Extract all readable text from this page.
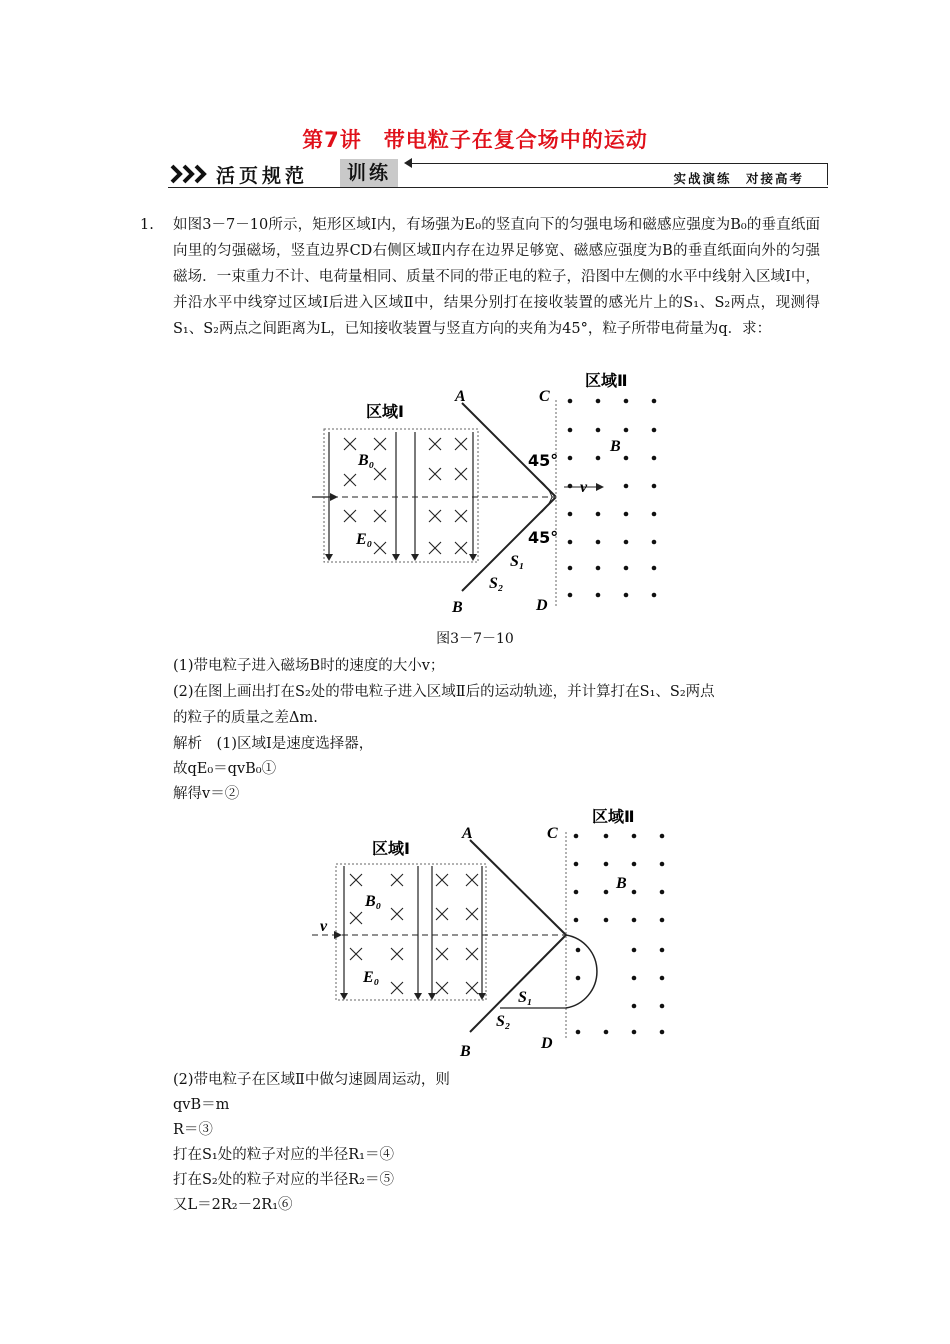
第7讲　带电粒子在复合场中的运动
活页规范	训练	实战演练　对接高考
1. 如图3－7－10所示，矩形区域Ⅰ内，有场强为E₀的竖直向下的匀强电场和磁感应强度为B₀的垂直纸面向里的匀强磁场，竖直边界CD右侧区域Ⅱ内存在边界足够宽、磁感应强度为B的垂直纸面向外的匀强磁场．一束重力不计、电荷量相同、质量不同的带正电的粒子，沿图中左侧的水平中线射入区域Ⅰ中，并沿水平中线穿过区域Ⅰ后进入区域Ⅱ中，结果分别打在接收装置的感光片上的S₁、S₂两点，现测得S₁、S₂两点之间距离为L，已知接收装置与竖直方向的夹角为45°，粒子所带电荷量为q．求：
区域Ⅰ
区域Ⅱ
A	C
B	D
45°
45°
B₀
E₀
B
v
S₁
S₂
图3－7－10
(1)带电粒子进入磁场B时的速度的大小v；
(2)在图上画出打在S₂处的带电粒子进入区域Ⅱ后的运动轨迹，并计算打在S₁、S₂两点
的粒子的质量之差Δm.
解析　(1)区域Ⅰ是速度选择器，
故qE₀＝qvB₀①
解得v＝②
区域Ⅰ
区域Ⅱ
A	C
B	D
B₀
E₀
B
v
S₁
S₂
(2)带电粒子在区域Ⅱ中做匀速圆周运动，则
qvB＝m
R＝③
打在S₁处的粒子对应的半径R₁＝④
打在S₂处的粒子对应的半径R₂＝⑤
又L＝2R₂－2R₁⑥
